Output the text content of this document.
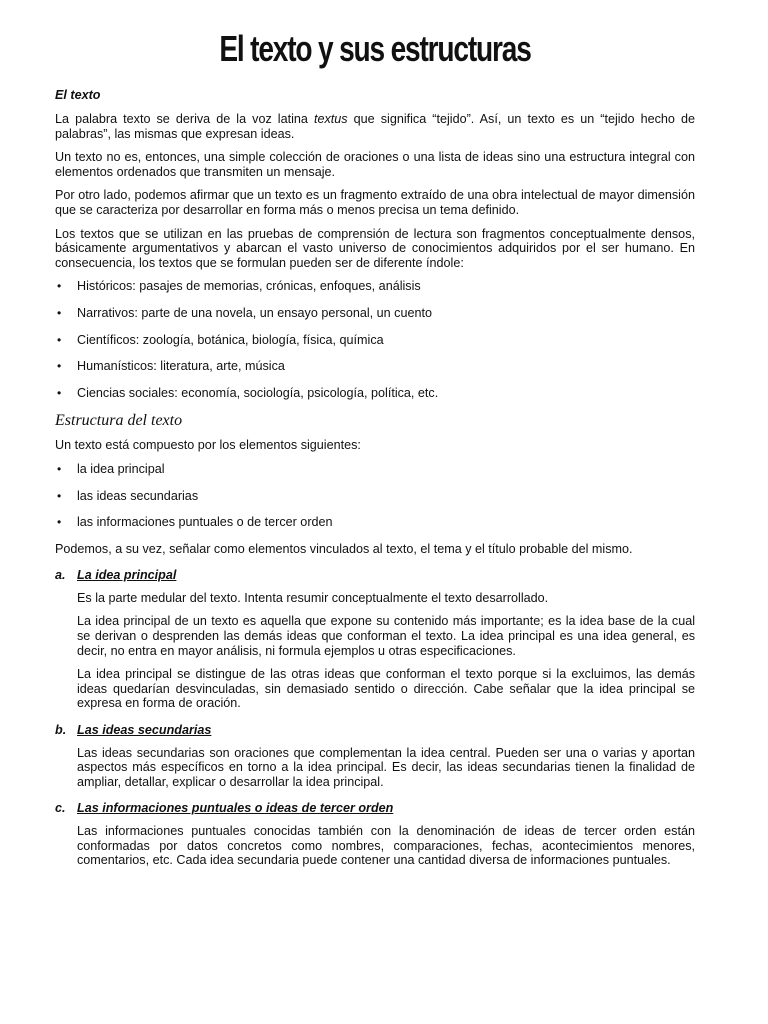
El texto y sus estructuras
El texto

La palabra texto se deriva de la voz latina textus que significa “tejido”. Así, un texto es un “tejido hecho de palabras”, las mismas que expresan ideas.

Un texto no es, entonces, una simple colección de oraciones o una lista de ideas sino una estructura integral con elementos ordenados que transmiten un mensaje.

Por otro lado, podemos afirmar que un texto es un fragmento extraído de una obra intelectual de mayor dimensión que se caracteriza por desarrollar en forma más o menos precisa un tema definido.

Los textos que se utilizan en las pruebas de comprensión de lectura son fragmentos conceptualmente densos, básicamente argumentativos y abarcan el vasto universo de conocimientos adquiridos por el ser humano. En consecuencia, los textos que se formulan pueden ser de diferente índole:

• Históricos: pasajes de memorias, crónicas, enfoques, análisis
• Narrativos: parte de una novela, un ensayo personal, un cuento
• Científicos: zoología, botánica, biología, física, química
• Humanísticos: literatura, arte, música
• Ciencias sociales: economía, sociología, psicología, política, etc.
Estructura del texto

Un texto está compuesto por los elementos siguientes:

• la idea principal
• las ideas secundarias
• las informaciones puntuales o de tercer orden

Podemos, a su vez, señalar como elementos vinculados al texto, el tema y el título probable del mismo.

a. La idea principal

Es la parte medular del texto. Intenta resumir conceptualmente el texto desarrollado.

La idea principal de un texto es aquella que expone su contenido más importante; es la idea base de la cual se derivan o desprenden las demás ideas que conforman el texto. La idea principal es una idea general, es decir, no entra en mayor análisis, ni formula ejemplos u otras especificaciones.

La idea principal se distingue de las otras ideas que conforman el texto porque si la excluimos, las demás ideas quedarían desvinculadas, sin demasiado sentido o dirección. Cabe señalar que la idea principal se expresa en forma de oración.

b. Las ideas secundarias

Las ideas secundarias son oraciones que complementan la idea central. Pueden ser una o varias y aportan aspectos más específicos en torno a la idea principal. Es decir, las ideas secundarias tienen la finalidad de ampliar, detallar, explicar o desarrollar la idea principal.

c. Las informaciones puntuales o ideas de tercer orden

Las informaciones puntuales conocidas también con la denominación de ideas de tercer orden están conformadas por datos concretos como nombres, comparaciones, fechas, acontecimientos menores, comentarios, etc. Cada idea secundaria puede contener una cantidad diversa de informaciones puntuales.
